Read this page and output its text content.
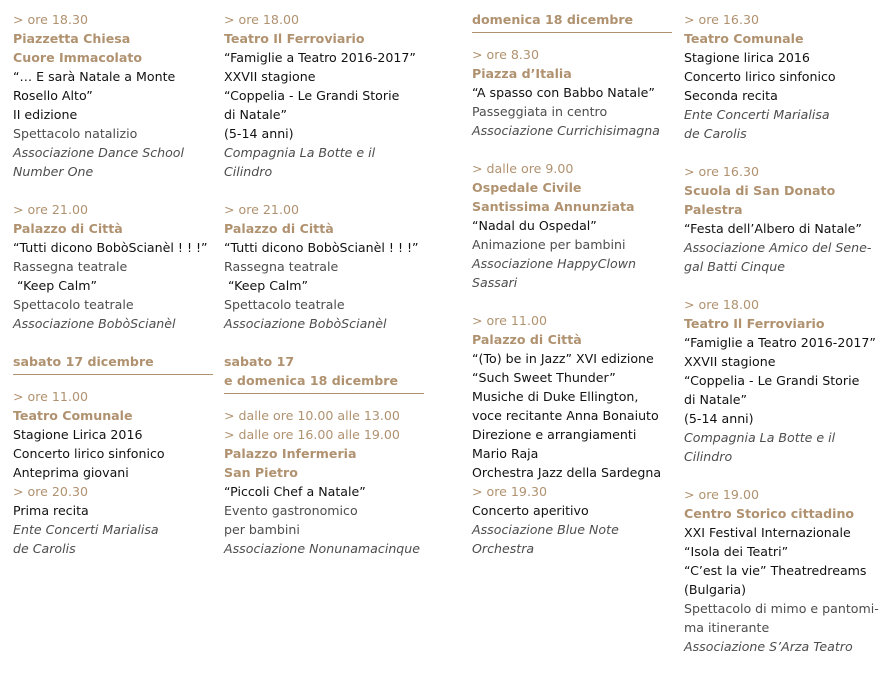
> ore 18.30
Piazzetta Chiesa
Cuore Immacolato
“… E sarà Natale a Monte
Rosello Alto”
II edizione
Spettacolo natalizio
Associazione Dance School
Number One
> ore 21.00
Palazzo di Città
“Tutti dicono BobòScianèl ! ! !”
Rassegna teatrale
“Keep Calm”
Spettacolo teatrale
Associazione BobòScianèl
sabato 17 dicembre
> ore 11.00
Teatro Comunale
Stagione Lirica 2016
Concerto lirico sinfonico
Anteprima giovani
> ore 20.30
Prima recita
Ente Concerti Marialisa
de Carolis
> ore 18.00
Teatro Il Ferroviario
“Famiglie a Teatro 2016-2017”
XXVII stagione
“Coppelia - Le Grandi Storie
di Natale”
(5-14 anni)
Compagnia La Botte e il Cilindro
> ore 21.00
Palazzo di Città
“Tutti dicono BobòScianèl ! ! !”
Rassegna teatrale
“Keep Calm”
Spettacolo teatrale
Associazione BobòScianèl
sabato 17
e domenica 18 dicembre
> dalle ore 10.00 alle 13.00
> dalle ore 16.00 alle 19.00
Palazzo Infermeria
San Pietro
“Piccoli Chef a Natale”
Evento gastronomico
per bambini
Associazione Nonunamacinque
domenica 18 dicembre
> ore 8.30
Piazza d’Italia
“A spasso con Babbo Natale”
Passeggiata in centro
Associazione Currichisimagna
> dalle ore 9.00
Ospedale Civile
Santissima Annunziata
“Nadal du Ospedal”
Animazione per bambini
Associazione HappyClown
Sassari
> ore 11.00
Palazzo di Città
“(To) be in Jazz” XVI edizione
“Such Sweet Thunder”
Musiche di Duke Ellington,
voce recitante Anna Bonaiuto
Direzione e arrangiamenti
Mario Raja
Orchestra Jazz della Sardegna
> ore 19.30
Concerto aperitivo
Associazione Blue Note
Orchestra
> ore 16.30
Teatro Comunale
Stagione lirica 2016
Concerto lirico sinfonico
Seconda recita
Ente Concerti Marialisa
de Carolis
> ore 16.30
Scuola di San Donato
Palestra
“Festa dell’Albero di Natale”
Associazione Amico del Sene-
gal Batti Cinque
> ore 18.00
Teatro Il Ferroviario
“Famiglie a Teatro 2016-2017”
XXVII stagione
“Coppelia - Le Grandi Storie
di Natale”
(5-14 anni)
Compagnia La Botte e il Cilindro
> ore 19.00
Centro Storico cittadino
XXI Festival Internazionale
“Isola dei Teatri”
“C’est la vie” Theatredreams
(Bulgaria)
Spettacolo di mimo e pantomi-
ma itinerante
Associazione S’Arza Teatro
